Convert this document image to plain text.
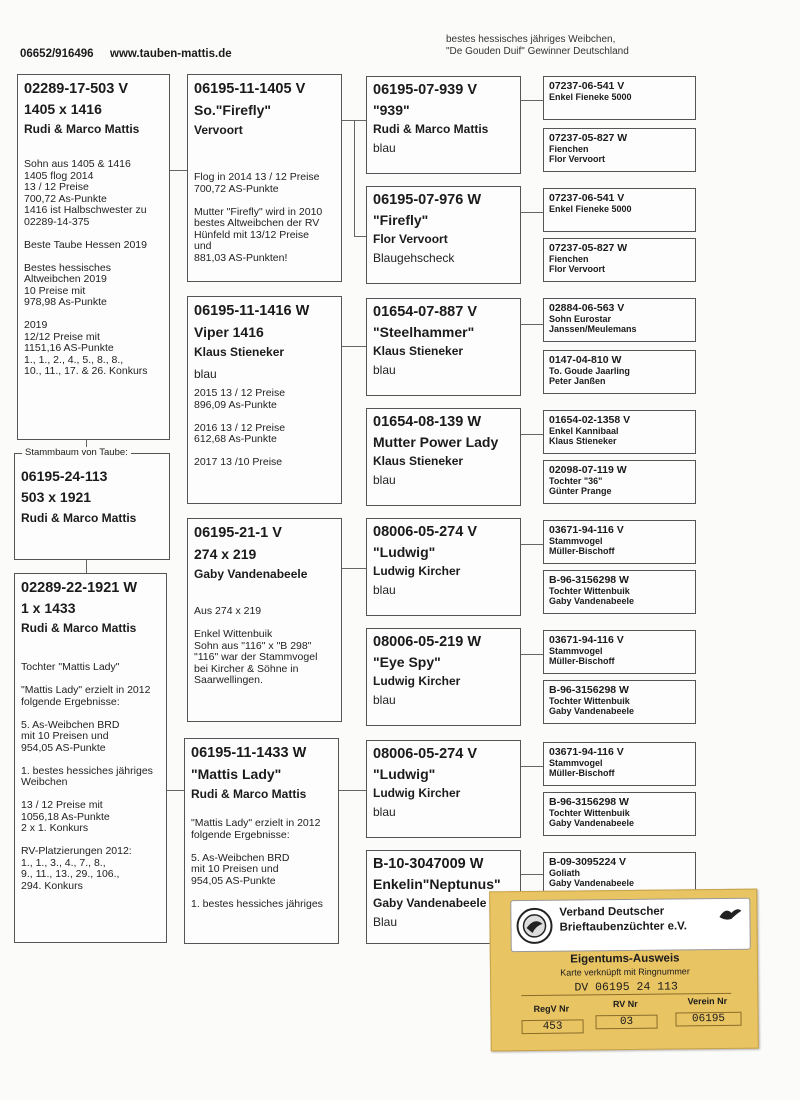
06652/916496 www.tauben-mattis.de
bestes hessisches jähriges Weibchen,
"De Gouden Duif" Gewinner Deutschland
02289-17-503 V
1405 x 1416
Rudi & Marco Mattis
Sohn aus 1405 & 1416
1405 flog 2014
13 / 12 Preise
700,72 As-Punkte
1416 ist Halbschwester zu
02289-14-375

Beste Taube Hessen 2019

Bestes hessisches
Altweibchen 2019
10 Preise mit
978,98 As-Punkte

2019
12/12 Preise mit
1151,16 AS-Punkte
1., 1., 2., 4., 5., 8., 8.,
10., 11., 17. & 26. Konkurs
06195-24-113
503 x 1921
Rudi & Marco Mattis
Stammbaum von Taube:
02289-22-1921 W
1 x 1433
Rudi & Marco Mattis
Tochter "Mattis Lady"

"Mattis Lady" erzielt in 2012
folgende Ergebnisse:

5. As-Weibchen BRD
mit 10 Preisen und
954,05 AS-Punkte

1. bestes hessiches jähriges
Weibchen

13 / 12 Preise mit
1056,18 As-Punkte
2 x 1. Konkurs

RV-Platzierungen 2012:
1., 1., 3., 4., 7., 8.,
9., 11., 13., 29., 106.,
294. Konkurs
06195-11-1405 V
So."Firefly"
Vervoort
Flog in 2014 13 / 12 Preise
700,72 AS-Punkte

Mutter "Firefly" wird in 2010
bestes Altweibchen der RV
Hünfeld mit 13/12 Preise
und
881,03 AS-Punkten!
06195-11-1416 W
Viper 1416
Klaus Stieneker
blau
2015 13 / 12 Preise
896,09 As-Punkte

2016 13 / 12 Preise
612,68 As-Punkte

2017 13 /10 Preise
06195-21-1 V
274 x 219
Gaby Vandenabeele
Aus 274 x 219

Enkel Wittenbuik
Sohn aus "116" x "B 298"
"116" war der Stammvogel
bei Kircher & Söhne in
Saarwellingen.
06195-11-1433 W
"Mattis Lady"
Rudi & Marco Mattis
"Mattis Lady" erzielt in 2012
folgende Ergebnisse:

5. As-Weibchen BRD
mit 10 Preisen und
954,05 AS-Punkte

1. bestes hessiches jähriges
06195-07-939 V
"939"
Rudi & Marco Mattis
blau
06195-07-976 W
"Firefly"
Flor Vervoort
Blaugehscheck
01654-07-887 V
"Steelhammer"
Klaus Stieneker
blau
01654-08-139 W
Mutter Power Lady
Klaus Stieneker
blau
08006-05-274 V
"Ludwig"
Ludwig Kircher
blau
08006-05-219 W
"Eye Spy"
Ludwig Kircher
blau
08006-05-274 V
"Ludwig"
Ludwig Kircher
blau
B-10-3047009 W
Enkelin"Neptunus"
Gaby Vandenabeele
Blau
07237-06-541 V
Enkel Fieneke 5000
07237-05-827 W
Fienchen
Flor Vervoort
07237-06-541 V
Enkel Fieneke 5000
07237-05-827 W
Fienchen
Flor Vervoort
02884-06-563 V
Sohn Eurostar
Janssen/Meulemans
0147-04-810 W
To. Goude Jaarling
Peter Janßen
01654-02-1358 V
Enkel Kannibaal
Klaus Stieneker
02098-07-119 W
Tochter "36"
Günter Prange
03671-94-116 V
Stammvogel
Müller-Bischoff
B-96-3156298 W
Tochter Wittenbuik
Gaby Vandenabeele
03671-94-116 V
Stammvogel
Müller-Bischoff
B-96-3156298 W
Tochter Wittenbuik
Gaby Vandenabeele
03671-94-116 V
Stammvogel
Müller-Bischoff
B-96-3156298 W
Tochter Wittenbuik
Gaby Vandenabeele
B-09-3095224 V
Goliath
Gaby Vandenabeele
Verband Deutscher
Brieftaubenzüchter e.V.
Eigentums-Ausweis
Karte verknüpft mit Ringnummer
DV 06195 24 113
RegV Nr	RV Nr	Verein Nr
453	03	06195
